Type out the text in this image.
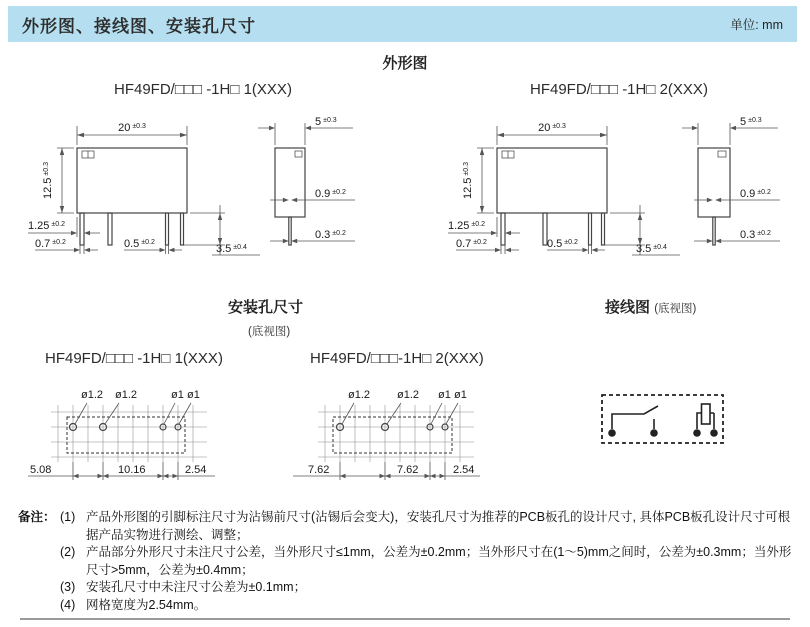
外形图、接线图、安装孔尺寸	单位: mm
外形图
HF49FD/□□□ -1H□ 1(XXX)	HF49FD/□□□ -1H□ 2(XXX)
20 $^{\pm 0.3}$
$12.5^{\pm 0.3}$
1.25 $^{\pm 0.2}$
0.7 $^{\pm 0.2}$	0.5 $^{\pm 0.2}$
3.5 $^{\pm 0.4}$
5 $^{\pm 0.3}$
0.9 $^{\pm 0.2}$
0.3 $^{\pm 0.2}$
20 $^{\pm 0.3}$
$12.5^{\pm 0.3}$
1.25 $^{\pm 0.2}$
0.7 $^{\pm 0.2}$	0.5 $^{\pm 0.2}$
3.5 $^{\pm 0.4}$
5 $^{\pm 0.3}$
0.9 $^{\pm 0.2}$
0.3 $^{\pm 0.2}$
安装孔尺寸
(底视图)
接线图 (底视图)
HF49FD/□□□ -1H□ 1(XXX)	HF49FD/□□□-1H□ 2(XXX)
ø1.2 ø1.2	ø1 ø1
5.08	10.16	2.54
ø1.2 ø1.2 ø1 ø1
7.62	7.62	2.54
备注： (1) 产品外形图的引脚标注尺寸为沾锡前尺寸(沾锡后会变大)，安装孔尺寸为推荐的PCB板孔的设计尺寸, 具体PCB板孔设计尺寸可根据产品实物进行测绘、调整；
(2) 产品部分外形尺寸未注尺寸公差，当外形尺寸≤1mm，公差为±0.2mm；当外形尺寸在(1～5)mm之间时，公差为±0.3mm；当外形尺寸>5mm，公差为±0.4mm；
(3) 安装孔尺寸中未注尺寸公差为±0.1mm；
(4) 网格宽度为2.54mm。
